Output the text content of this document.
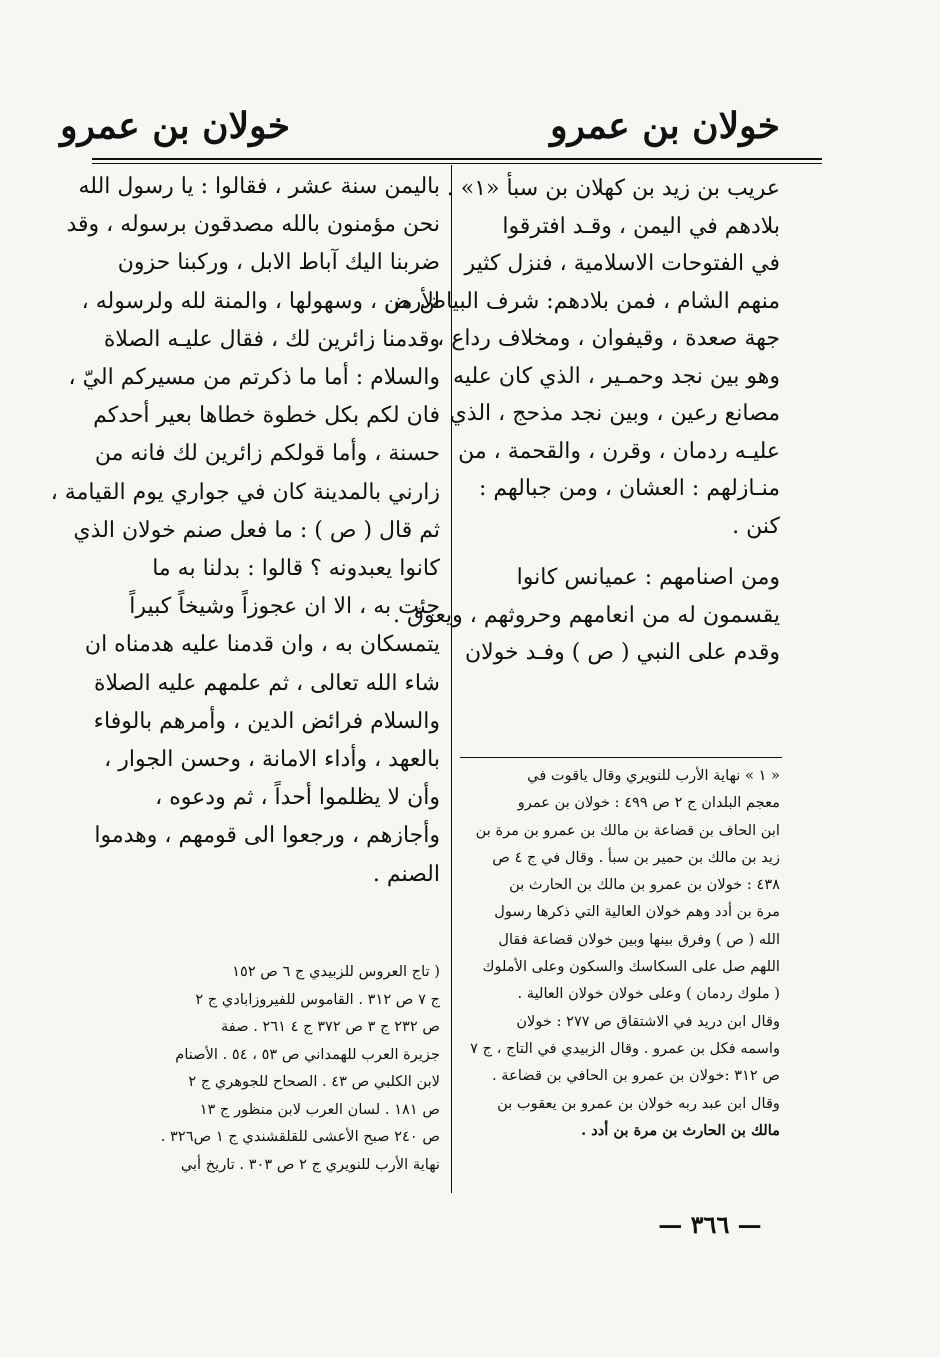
خولان بن عمرو
خولان بن عمرو
عريب بن زيد بن كهلان بن سبأ «١» .
بلادهم في اليمن ، وقـد افترقوا
في الفتوحات الاسلامية ، فنزل كثير
منهم الشام ، فمن بلادهم: شرف البياض من
جهة صعدة ، وقيفوان ، ومخلاف رداع ،
وهو بين نجد وحمـير ، الذي كان عليه
مصانع رعين ، وبين نجد مذحج ، الذي
عليـه ردمان ، وقرن ، والقحمة ، من
منـازلهم : العشان ، ومن جبالهم :
كنن .
ومن اصنامهم : عميانس كانوا
يقسمون له من انعامهم وحروثهم ، ويعوق .
وقدم على النبي ( ص ) وفـد خولان
« ١ » نهاية الأرب للنويري وقال ياقوت في
معجم البلدان ج ٢ ص ٤٩٩ : خولان بن عمرو
ابن الحاف بن قضاعة بن مالك بن عمرو بن مرة بن
زيد بن مالك بن حمير بن سبأ . وقال في ج ٤ ص
٤٣٨ : خولان بن عمرو بن مالك بن الحارث بن
مرة بن أدد وهم خولان العالية التي ذكرها رسول
الله ( ص ) وفرق بينها وبين خولان قضاعة فقال
اللهم صل على السكاسك والسكون وعلى الأملوك
( ملوك ردمان ) وعلى خولان خولان العالية .
وقال ابن دريد في الاشتقاق ص ٢٧٧ : خولان
واسمه فكل بن عمرو . وقال الزبيدي في التاج ، ج ٧
ص ٣١٢ :خولان بن عمرو بن الحافي بن قضاعة .
وقال ابن عبد ربه خولان بن عمرو بن يعقوب بن
مالك بن الحارث بن مرة بن أدد .
باليمن سنة عشر ، فقالوا : يا رسول الله
نحن مؤمنون بالله مصدقون برسوله ، وقد
ضربنا اليك آباط الابل ، وركبنا حزون
الأرض ، وسهولها ، والمنة لله ولرسوله ،
وقدمنا زائرين لك ، فقال عليـه الصلاة
والسلام : أما ما ذكرتم من مسيركم اليّ ،
فان لكم بكل خطوة خطاها بعير أحدكم
حسنة ، وأما قولكم زائرين لك فانه من
زارني بالمدينة كان في جواري يوم القيامة ،
ثم قال ( ص ) : ما فعل صنم خولان الذي
كانوا يعبدونه ؟ قالوا : بدلنا به ما
جئت به ، الا ان عجوزاً وشيخاً كبيراً
يتمسكان به ، وان قدمنا عليه هدمناه ان
شاء الله تعالى ، ثم علمهم عليه الصلاة
والسلام فرائض الدين ، وأمرهم بالوفاء
بالعهد ، وأداء الامانة ، وحسن الجوار ،
وأن لا يظلموا أحداً ، ثم ودعوه ،
وأجازهم ، ورجعوا الى قومهم ، وهدموا
الصنم .
( تاج العروس للزبيدي ج ٦ ص ١٥٢
ج ٧ ص ٣١٢ . القاموس للفيروزابادي ج ٢
ص ٢٣٢ ج ٣ ص ٣٧٢ ج ٤ ٢٦١ . صفة
جزيرة العرب للهمداني ص ٥٣ ، ٥٤ . الأصنام
لابن الكلبي ص ٤٣ . الصحاح للجوهري ج ٢
ص ١٨١ . لسان العرب لابن منظور ج ١٣
ص ٢٤٠ صبح الأعشى للقلقشندي ج ١ ص٣٢٦ .
نهاية الأرب للنويري ج ٢ ص ٣٠٣ . تاريخ أبي
— ٣٦٦ —
